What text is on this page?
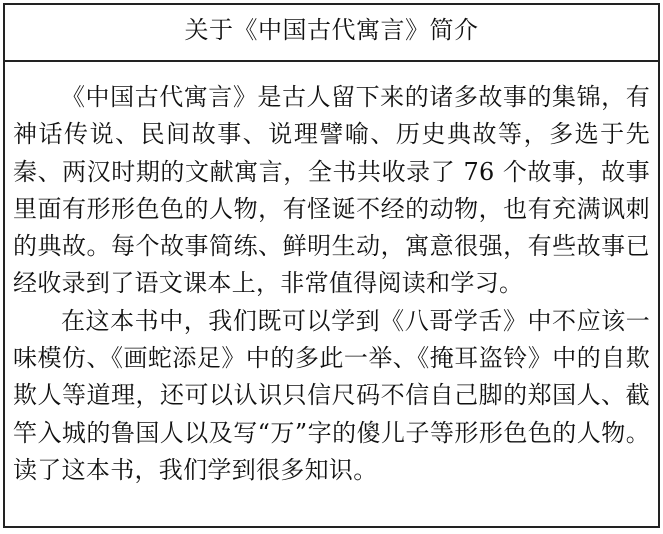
关于《中国古代寓言》简介

《中国古代寓言》是古人留下来的诸多故事的集锦，有神话传说、民间故事、说理譬喻、历史典故等，多选于先秦、两汉时期的文献寓言，全书共收录了 76 个故事，故事里面有形形色色的人物，有怪诞不经的动物，也有充满讽刺的典故。每个故事简练、鲜明生动，寓意很强，有些故事已经收录到了语文课本上，非常值得阅读和学习。

在这本书中，我们既可以学到《八哥学舌》中不应该一味模仿、《画蛇添足》中的多此一举、《掩耳盗铃》中的自欺欺人等道理，还可以认识只信尺码不信自己脚的郑国人、截竿入城的鲁国人以及写“万”字的傻儿子等形形色色的人物。读了这本书，我们学到很多知识。
